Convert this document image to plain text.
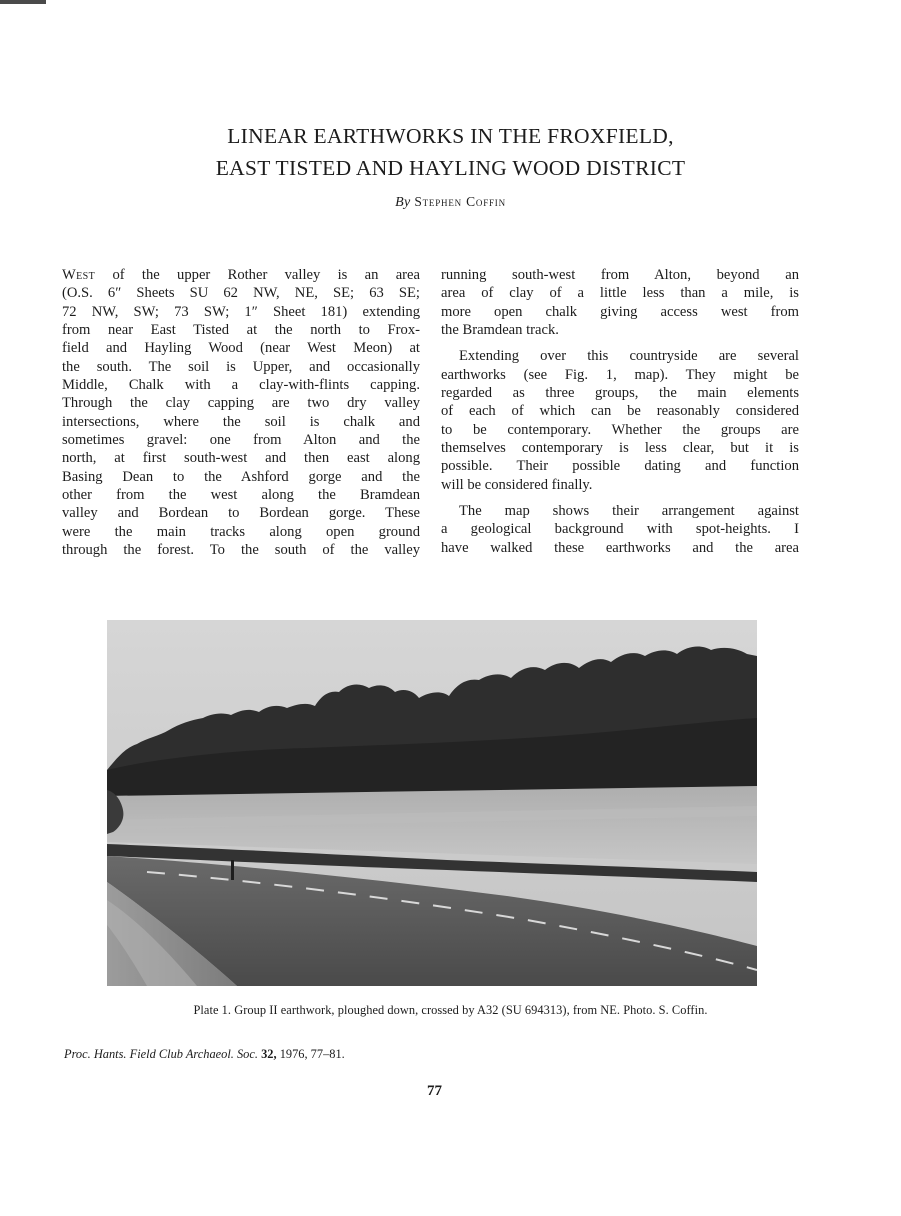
LINEAR EARTHWORKS IN THE FROXFIELD,
EAST TISTED AND HAYLING WOOD DISTRICT
By Stephen Coffin
West of the upper Rother valley is an area
(O.S. 6″ Sheets SU 62 NW, NE, SE; 63 SE;
72 NW, SW; 73 SW; 1″ Sheet 181) extending
from near East Tisted at the north to Frox-
field and Hayling Wood (near West Meon) at
the south. The soil is Upper, and occasionally
Middle, Chalk with a clay-with-flints capping.
Through the clay capping are two dry valley
intersections, where the soil is chalk and
sometimes gravel: one from Alton and the
north, at first south-west and then east along
Basing Dean to the Ashford gorge and the
other from the west along the Bramdean
valley and Bordean to Bordean gorge. These
were the main tracks along open ground
through the forest. To the south of the valley
running south-west from Alton, beyond an
area of clay of a little less than a mile, is
more open chalk giving access west from
the Bramdean track.
Extending over this countryside are several
earthworks (see Fig. 1, map). They might be
regarded as three groups, the main elements
of each of which can be reasonably considered
to be contemporary. Whether the groups are
themselves contemporary is less clear, but it is
possible. Their possible dating and function
will be considered finally.
The map shows their arrangement against
a geological background with spot-heights. I
have walked these earthworks and the area
Plate 1. Group II earthwork, ploughed down, crossed by A32 (SU 694313), from NE. Photo. S. Coffin.
Proc. Hants. Field Club Archaeol. Soc. 32, 1976, 77–81.
77
